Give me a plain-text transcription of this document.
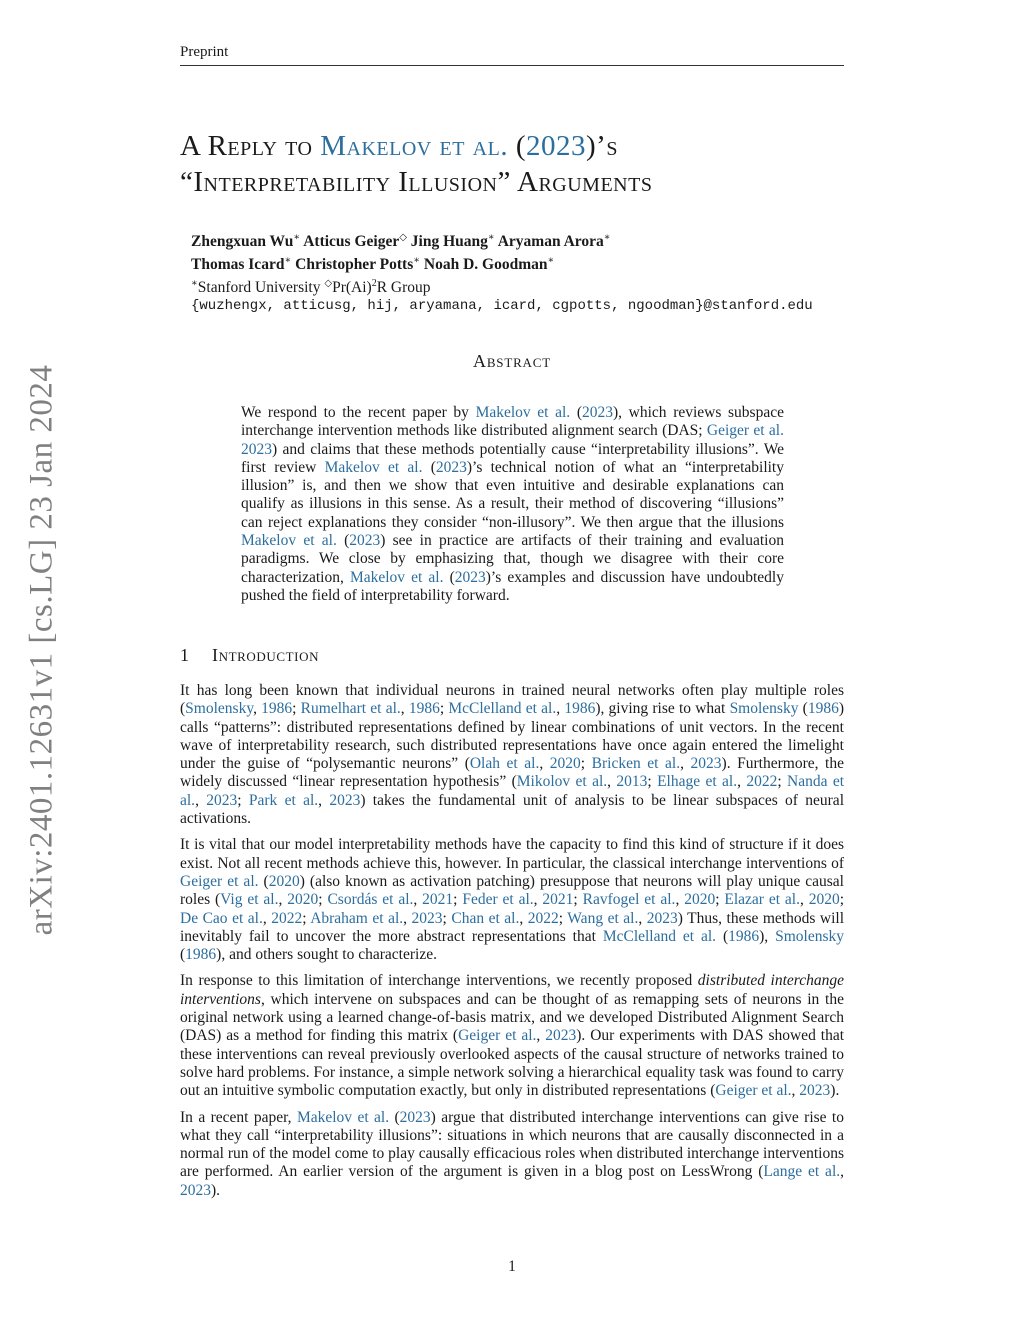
Preprint
arXiv:2401.12631v1 [cs.LG] 23 Jan 2024
A Reply to Makelov et al. (2023)’s
“Interpretability Illusion” Arguments
Zhengxuan Wu∗ Atticus Geiger◇ Jing Huang∗ Aryaman Arora∗
Thomas Icard∗ Christopher Potts∗ Noah D. Goodman∗
∗Stanford University $^◇Pr(Ai)^2R$ Group
{wuzhengx, atticusg, hij, aryamana, icard, cgpotts, ngoodman}@stanford.edu
Abstract
We respond to the recent paper by Makelov et al. (2023), which reviews subspace interchange intervention methods like distributed alignment search (DAS; Geiger et al. 2023) and claims that these methods potentially cause “interpretability illusions”. We first review Makelov et al. (2023)’s technical notion of what an “interpretability illusion” is, and then we show that even intuitive and desirable explanations can qualify as illusions in this sense. As a result, their method of discovering “illusions” can reject explanations they consider “non-illusory”. We then argue that the illusions Makelov et al. (2023) see in practice are artifacts of their training and evaluation paradigms. We close by emphasizing that, though we disagree with their core characterization, Makelov et al. (2023)’s examples and discussion have undoubtedly pushed the field of interpretability forward.
1 Introduction

It has long been known that individual neurons in trained neural networks often play multiple roles (Smolensky, 1986; Rumelhart et al., 1986; McClelland et al., 1986), giving rise to what Smolensky (1986) calls “patterns”: distributed representations defined by linear combinations of unit vectors. In the recent wave of interpretability research, such distributed representations have once again entered the limelight under the guise of “polysemantic neurons” (Olah et al., 2020; Bricken et al., 2023). Furthermore, the widely discussed “linear representation hypothesis” (Mikolov et al., 2013; Elhage et al., 2022; Nanda et al., 2023; Park et al., 2023) takes the fundamental unit of analysis to be linear subspaces of neural activations.

It is vital that our model interpretability methods have the capacity to find this kind of structure if it does exist. Not all recent methods achieve this, however. In particular, the classical interchange interventions of Geiger et al. (2020) (also known as activation patching) presuppose that neurons will play unique causal roles (Vig et al., 2020; Csordás et al., 2021; Feder et al., 2021; Ravfogel et al., 2020; Elazar et al., 2020; De Cao et al., 2022; Abraham et al., 2023; Chan et al., 2022; Wang et al., 2023) Thus, these methods will inevitably fail to uncover the more abstract representations that McClelland et al. (1986), Smolensky (1986), and others sought to characterize.

In response to this limitation of interchange interventions, we recently proposed distributed interchange interventions, which intervene on subspaces and can be thought of as remapping sets of neurons in the original network using a learned change-of-basis matrix, and we developed Distributed Alignment Search (DAS) as a method for finding this matrix (Geiger et al., 2023). Our experiments with DAS showed that these interventions can reveal previously overlooked aspects of the causal structure of networks trained to solve hard problems. For instance, a simple network solving a hierarchical equality task was found to carry out an intuitive symbolic computation exactly, but only in distributed representations (Geiger et al., 2023).

In a recent paper, Makelov et al. (2023) argue that distributed interchange interventions can give rise to what they call “interpretability illusions”: situations in which neurons that are causally disconnected in a normal run of the model come to play causally efficacious roles when distributed interchange interventions are performed. An earlier version of the argument is given in a blog post on LessWrong (Lange et al., 2023).

1
